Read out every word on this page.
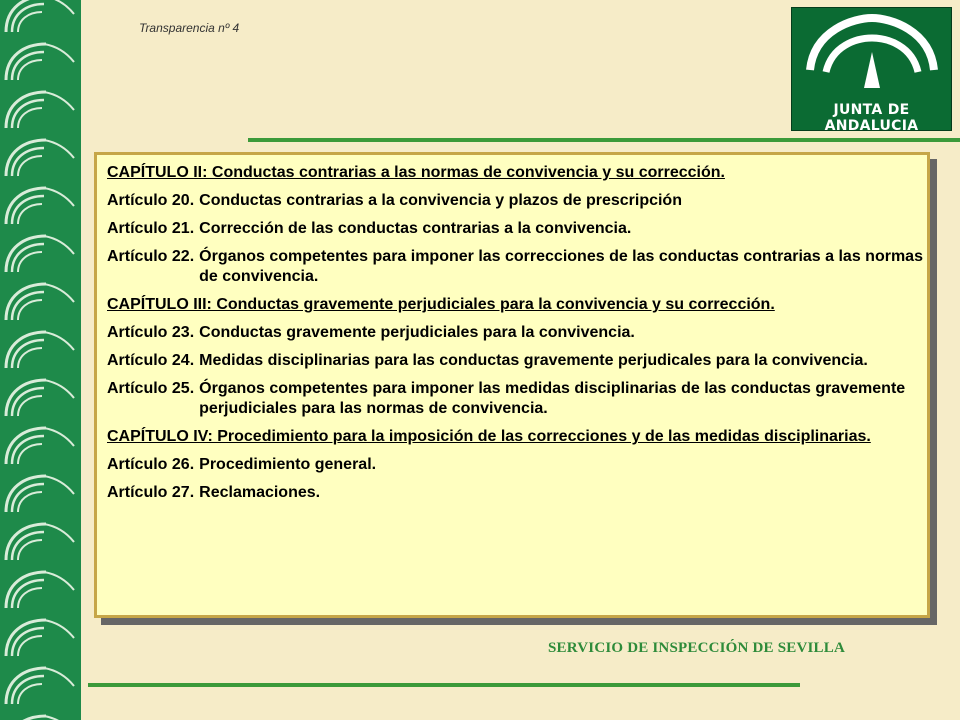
Transparencia nº 4
JUNTA DE ANDALUCIA
CAPÍTULO II: Conductas contrarias a las normas de convivencia y su corrección.
Artículo 20. Conductas contrarias a la convivencia y plazos de prescripción
Artículo 21. Corrección de las conductas contrarias a la convivencia.
Artículo 22. Órganos competentes para imponer las correcciones de las conductas contrarias a las normas de convivencia.
CAPÍTULO III: Conductas gravemente perjudiciales para la convivencia y su corrección.
Artículo 23. Conductas gravemente perjudiciales para la convivencia.
Artículo 24. Medidas disciplinarias para las conductas gravemente perjudicales para la convivencia.
Artículo 25. Órganos competentes para imponer las medidas disciplinarias de las conductas gravemente perjudiciales para las normas de convivencia.
CAPÍTULO IV: Procedimiento para la imposición de las correcciones y de las medidas disciplinarias.
Artículo 26. Procedimiento general.
Artículo 27. Reclamaciones.
SERVICIO DE INSPECCIÓN DE SEVILLA
